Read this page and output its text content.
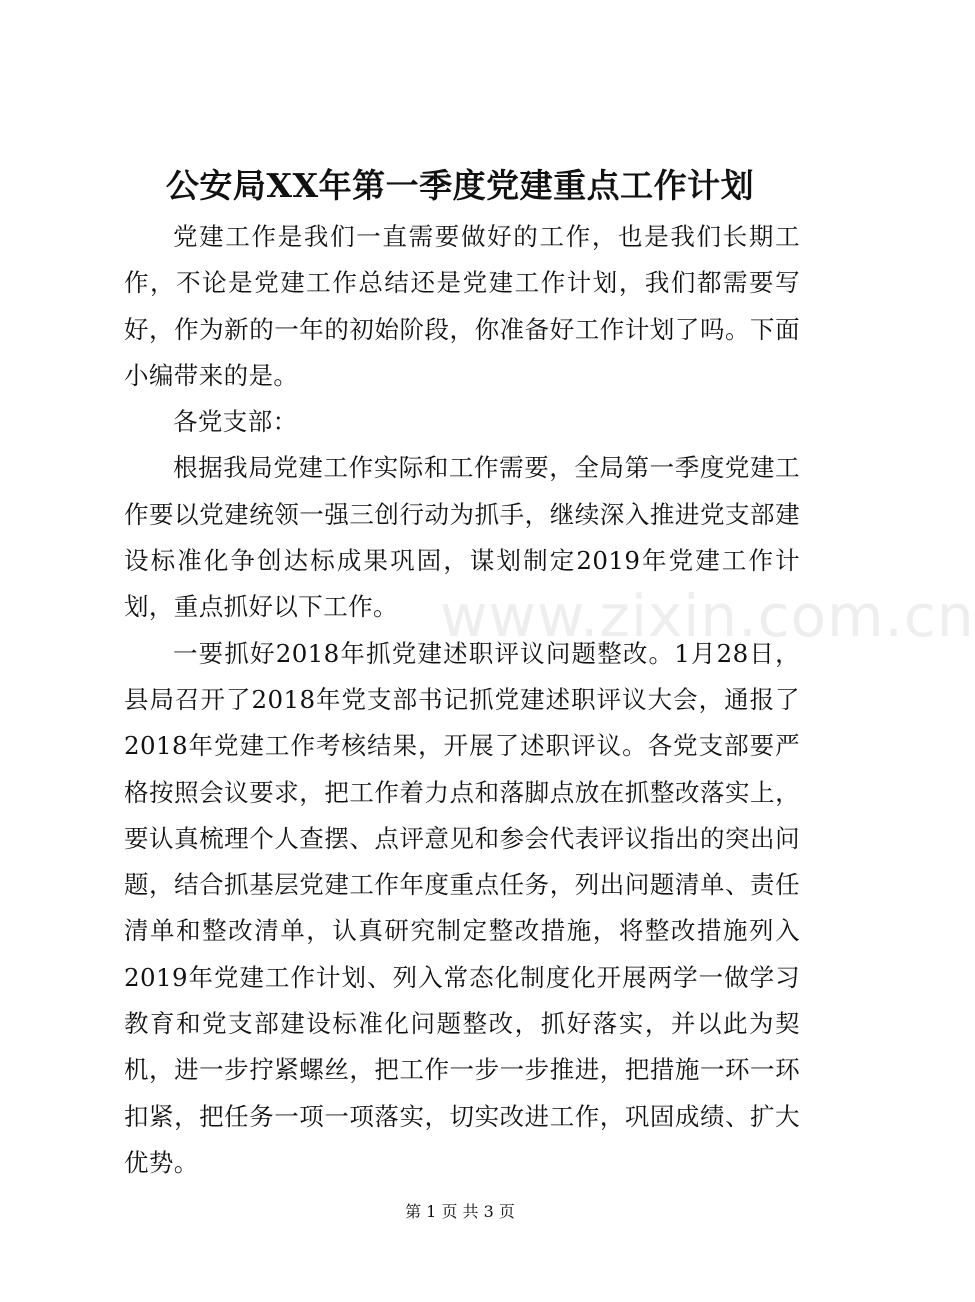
公安局XX年第一季度党建重点工作计划

党建工作是我们一直需要做好的工作，也是我们长期工作，不论是党建工作总结还是党建工作计划，我们都需要写好，作为新的一年的初始阶段，你准备好工作计划了吗。下面小编带来的是。

各党支部：

根据我局党建工作实际和工作需要，全局第一季度党建工作要以党建统领一强三创行动为抓手，继续深入推进党支部建设标准化争创达标成果巩固，谋划制定2019年党建工作计划，重点抓好以下工作。

一要抓好2018年抓党建述职评议问题整改。1月28日，县局召开了2018年党支部书记抓党建述职评议大会，通报了2018年党建工作考核结果，开展了述职评议。各党支部要严格按照会议要求，把工作着力点和落脚点放在抓整改落实上，要认真梳理个人查摆、点评意见和参会代表评议指出的突出问题，结合抓基层党建工作年度重点任务，列出问题清单、责任清单和整改清单，认真研究制定整改措施，将整改措施列入2019年党建工作计划、列入常态化制度化开展两学一做学习教育和党支部建设标准化问题整改，抓好落实，并以此为契机，进一步拧紧螺丝，把工作一步一步推进，把措施一环一环扣紧，把任务一项一项落实，切实改进工作，巩固成绩、扩大优势。

www.zixin.com.cn
第 1 页 共 3 页
